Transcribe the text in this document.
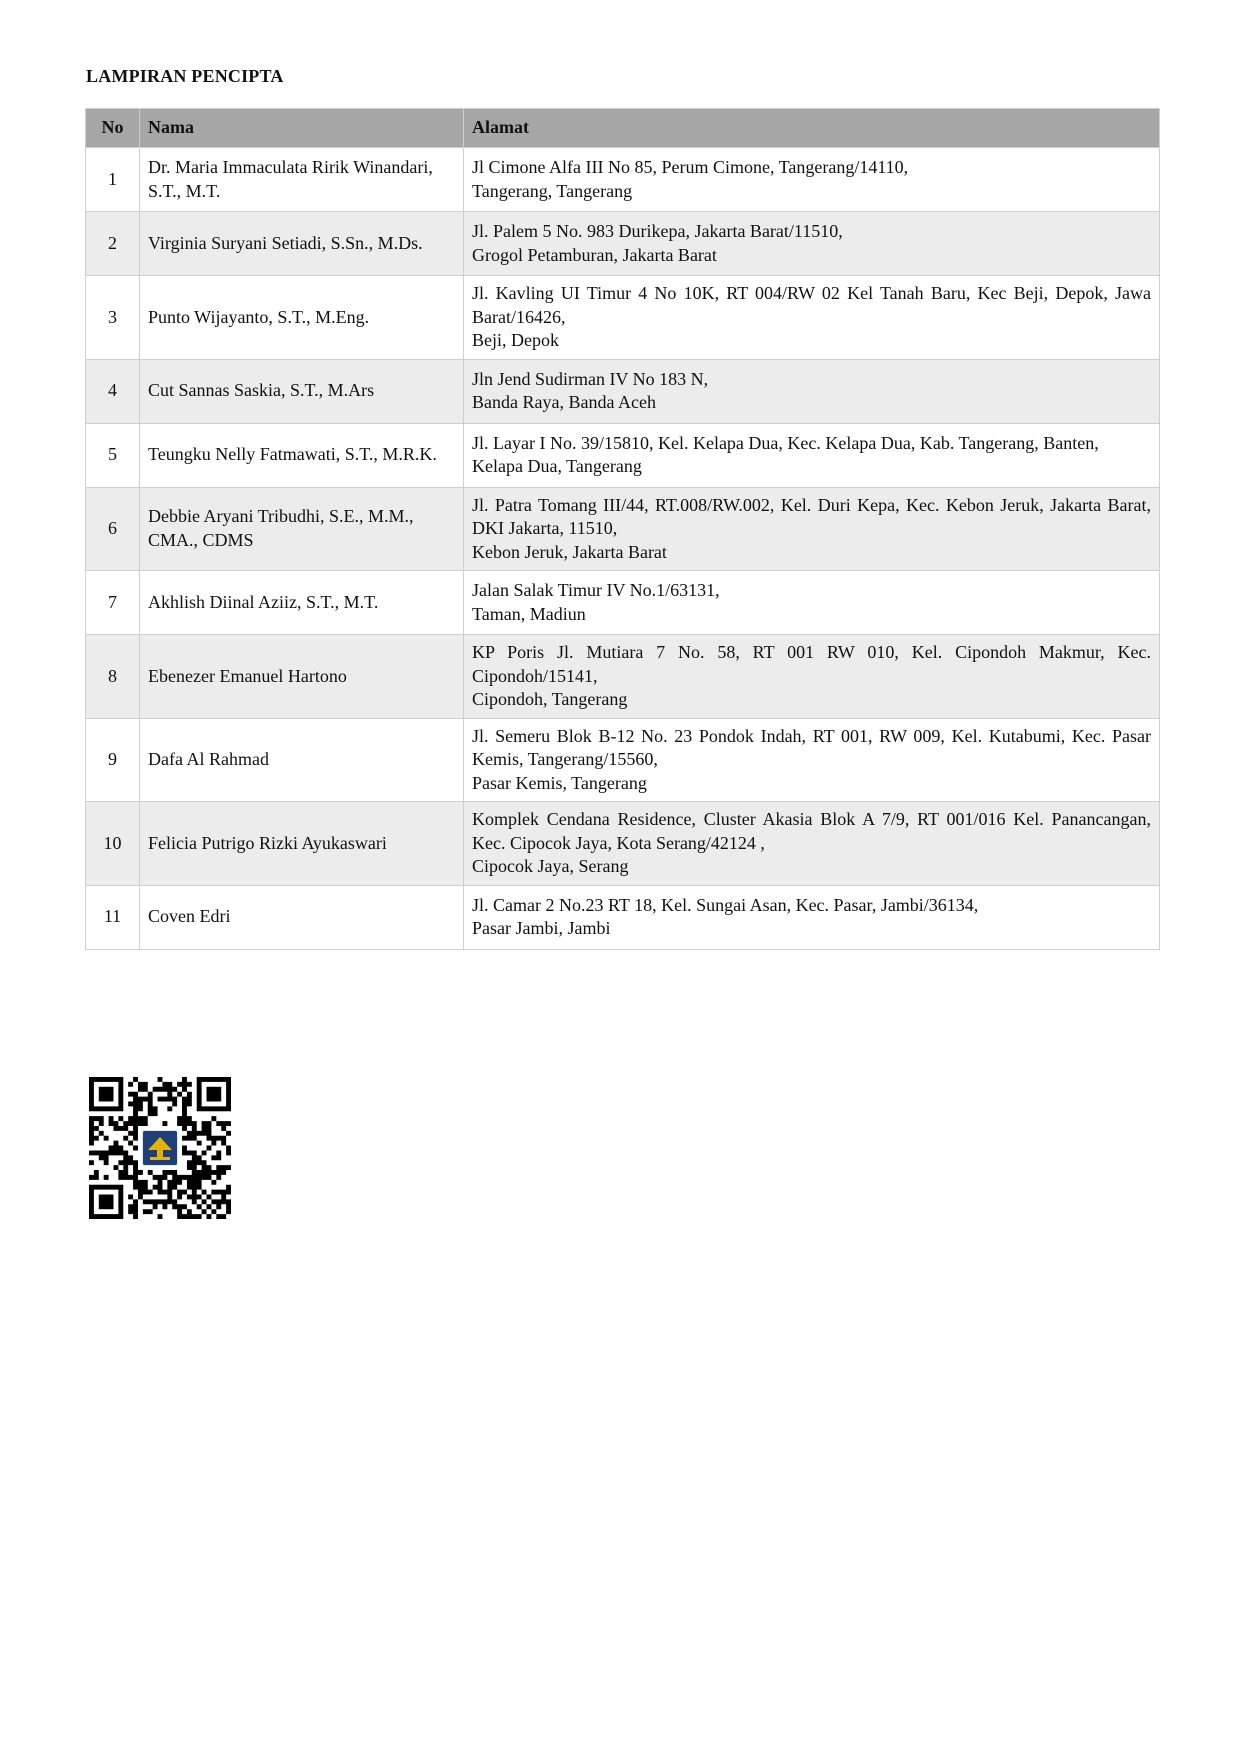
LAMPIRAN PENCIPTA
No	Nama	Alamat
1	Dr. Maria Immaculata Ririk Winandari, S.T., M.T.	Jl Cimone Alfa III No 85, Perum Cimone, Tangerang/14110,
Tangerang, Tangerang

2	Virginia Suryani Setiadi, S.Sn., M.Ds.	Jl. Palem 5 No. 983 Durikepa, Jakarta Barat/11510,
Grogol Petamburan, Jakarta Barat

3	Punto Wijayanto, S.T., M.Eng.	Jl. Kavling UI Timur 4 No 10K, RT 004/RW 02 Kel Tanah Baru, Kec Beji, Depok, Jawa Barat/16426,
Beji, Depok

4	Cut Sannas Saskia, S.T., M.Ars	Jln Jend Sudirman IV No 183 N,
Banda Raya, Banda Aceh

5	Teungku Nelly Fatmawati, S.T., M.R.K.	Jl. Layar I No. 39/15810, Kel. Kelapa Dua, Kec. Kelapa Dua, Kab. Tangerang, Banten,
Kelapa Dua, Tangerang

6	Debbie Aryani Tribudhi, S.E., M.M., CMA., CDMS	Jl. Patra Tomang III/44, RT.008/RW.002, Kel. Duri Kepa, Kec. Kebon Jeruk, Jakarta Barat, DKI Jakarta, 11510,
Kebon Jeruk, Jakarta Barat

7	Akhlish Diinal Aziiz, S.T., M.T.	Jalan Salak Timur IV No.1/63131,
Taman, Madiun

8	Ebenezer Emanuel Hartono	KP Poris Jl. Mutiara 7 No. 58, RT 001 RW 010, Kel. Cipondoh Makmur, Kec. Cipondoh/15141,
Cipondoh, Tangerang

9	Dafa Al Rahmad	Jl. Semeru Blok B-12 No. 23 Pondok Indah, RT 001, RW 009, Kel. Kutabumi, Kec. Pasar Kemis, Tangerang/15560,
Pasar Kemis, Tangerang

10	Felicia Putrigo Rizki Ayukaswari	Komplek Cendana Residence, Cluster Akasia Blok A 7/9, RT 001/016 Kel. Panancangan, Kec. Cipocok Jaya, Kota Serang/42124 ,
Cipocok Jaya, Serang

11	Coven Edri	Jl. Camar 2 No.23 RT 18, Kel. Sungai Asan, Kec. Pasar, Jambi/36134,
Pasar Jambi, Jambi
